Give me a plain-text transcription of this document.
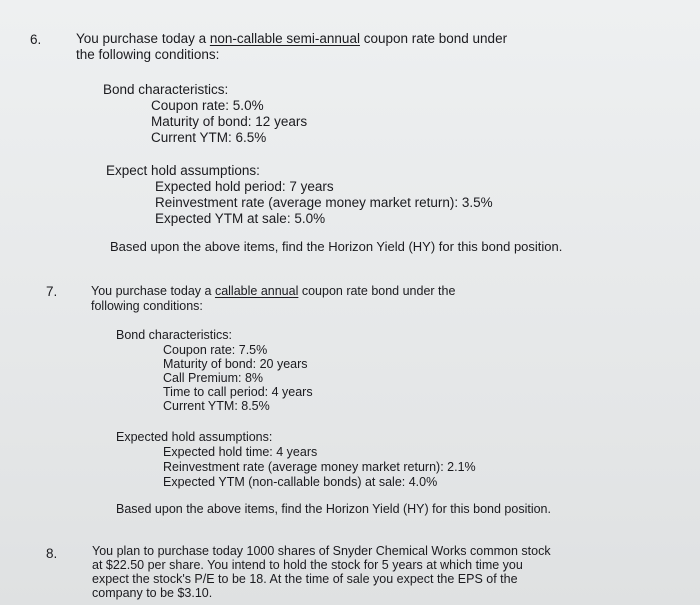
6.	You purchase today a non-callable semi-annual coupon rate bond under
the following conditions:
Bond characteristics:
Coupon rate: 5.0%
Maturity of bond: 12 years
Current YTM: 6.5%
Expect hold assumptions:
Expected hold period: 7 years
Reinvestment rate (average money market return): 3.5%
Expected YTM at sale: 5.0%
Based upon the above items, find the Horizon Yield (HY) for this bond position.
7.	You purchase today a callable annual coupon rate bond under the
following conditions:
Bond characteristics:
Coupon rate: 7.5%
Maturity of bond: 20 years
Call Premium: 8%
Time to call period: 4 years
Current YTM: 8.5%
Expected hold assumptions:
Expected hold time: 4 years
Reinvestment rate (average money market return): 2.1%
Expected YTM (non-callable bonds) at sale: 4.0%
Based upon the above items, find the Horizon Yield (HY) for this bond position.
8.	You plan to purchase today 1000 shares of Snyder Chemical Works common stock
at $22.50 per share. You intend to hold the stock for 5 years at which time you
expect the stock's P/E to be 18. At the time of sale you expect the EPS of the
company to be $3.10.
